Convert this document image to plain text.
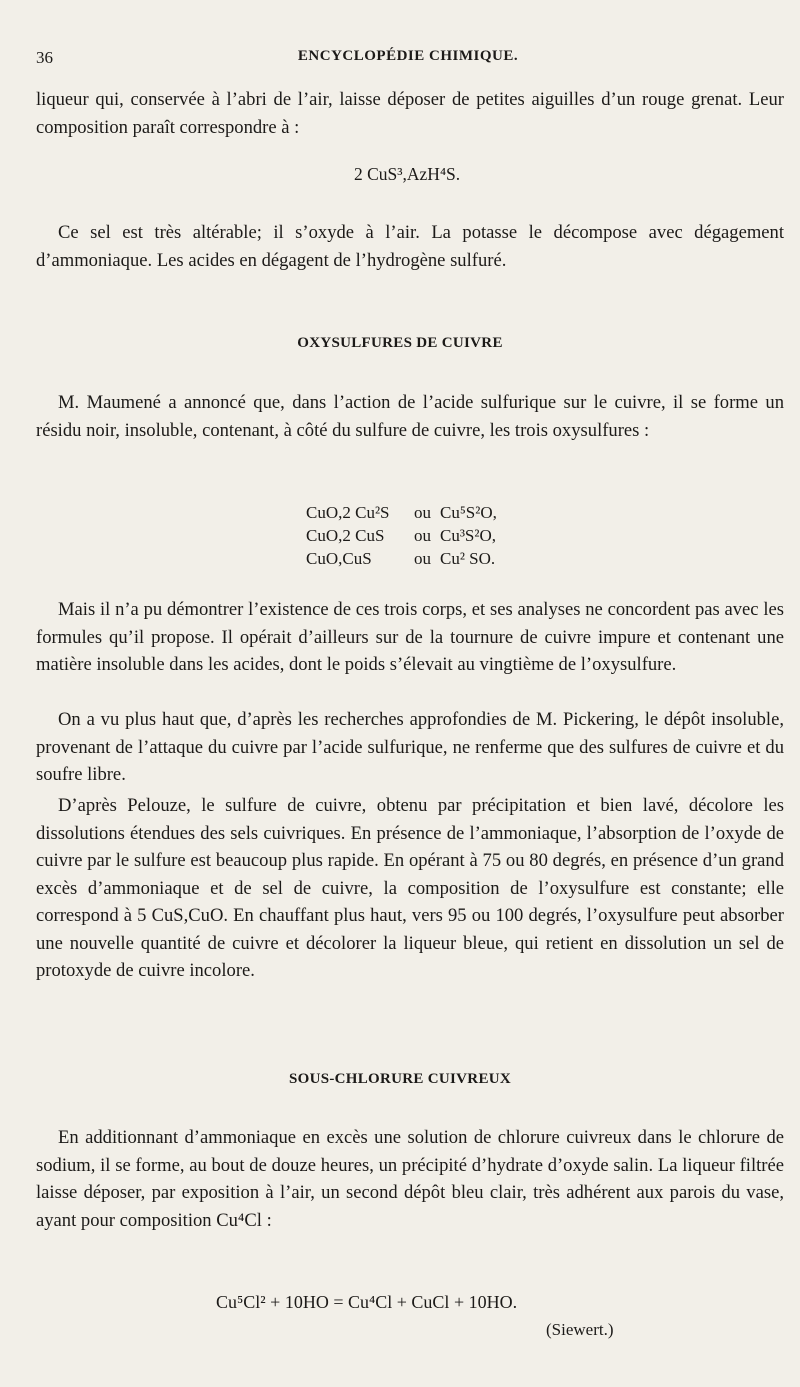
36	ENCYCLOPÉDIE CHIMIQUE.

liqueur qui, conservée à l’abri de l’air, laisse déposer de petites aiguilles d’un rouge grenat. Leur composition paraît correspondre à :

2 CuS³,AzH⁴S.

Ce sel est très altérable; il s’oxyde à l’air. La potasse le décompose avec dégagement d’ammoniaque. Les acides en dégagent de l’hydrogène sulfuré.

OXYSULFURES DE CUIVRE

M. Maumené a annoncé que, dans l’action de l’acide sulfurique sur le cuivre, il se forme un résidu noir, insoluble, contenant, à côté du sulfure de cuivre, les trois oxysulfures :

CuO,2 Cu²S	ou Cu⁵S²O,
CuO,2 CuS	ou Cu³S²O,
CuO,CuS	ou Cu² SO.

Mais il n’a pu démontrer l’existence de ces trois corps, et ses analyses ne concordent pas avec les formules qu’il propose. Il opérait d’ailleurs sur de la tournure de cuivre impure et contenant une matière insoluble dans les acides, dont le poids s’élevait au vingtième de l’oxysulfure.

On a vu plus haut que, d’après les recherches approfondies de M. Pickering, le dépôt insoluble, provenant de l’attaque du cuivre par l’acide sulfurique, ne renferme que des sulfures de cuivre et du soufre libre.

D’après Pelouze, le sulfure de cuivre, obtenu par précipitation et bien lavé, décolore les dissolutions étendues des sels cuivriques. En présence de l’ammoniaque, l’absorption de l’oxyde de cuivre par le sulfure est beaucoup plus rapide. En opérant à 75 ou 80 degrés, en présence d’un grand excès d’ammoniaque et de sel de cuivre, la composition de l’oxysulfure est constante; elle correspond à 5 CuS,CuO. En chauffant plus haut, vers 95 ou 100 degrés, l’oxysulfure peut absorber une nouvelle quantité de cuivre et décolorer la liqueur bleue, qui retient en dissolution un sel de protoxyde de cuivre incolore.

SOUS-CHLORURE CUIVREUX

En additionnant d’ammoniaque en excès une solution de chlorure cuivreux dans le chlorure de sodium, il se forme, au bout de douze heures, un précipité d’hydrate d’oxyde salin. La liqueur filtrée laisse déposer, par exposition à l’air, un second dépôt bleu clair, très adhérent aux parois du vase, ayant pour composition Cu⁴Cl :

Cu⁵Cl² + 10HO = Cu⁴Cl + CuCl + 10HO.
(Siewert.)
